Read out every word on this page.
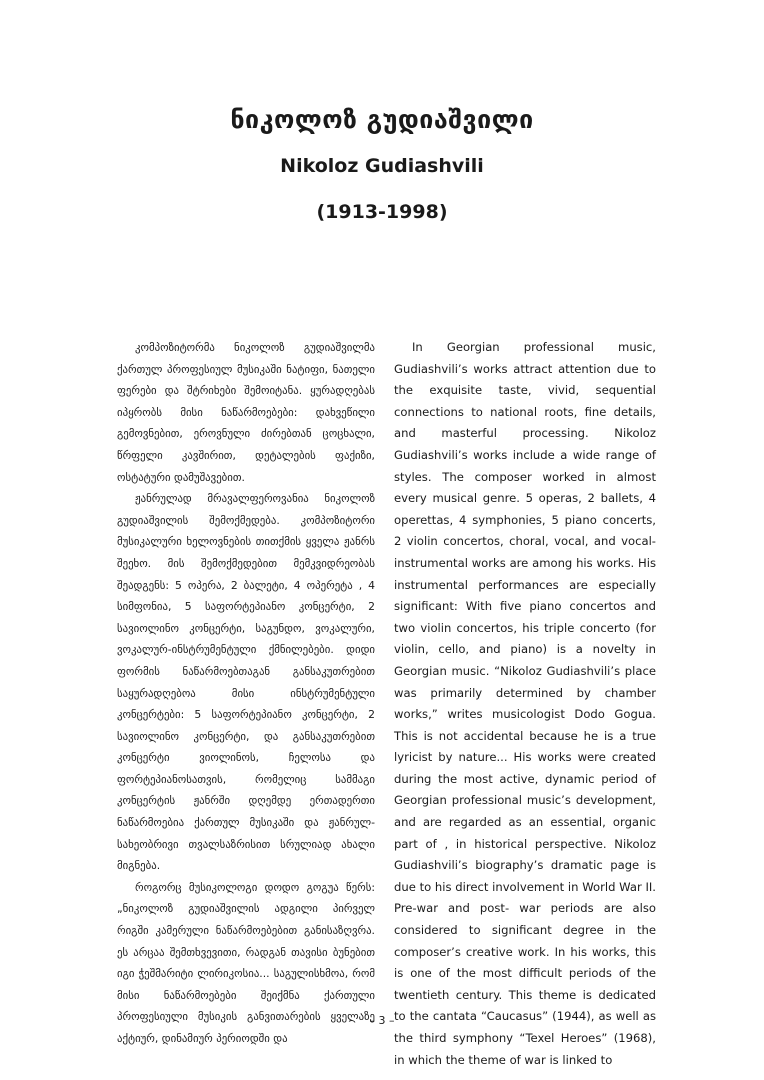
ნიკოლოზ გუდიაშვილი
Nikoloz Gudiashvili
(1913-1998)

კომპოზიტორმა ნიკოლოზ გუდიაშვილმა ქართულ პროფესიულ მუსიკაში ნატიფი, ნათელი ფერები და შტრიხები შემოიტანა. ყურადღებას იპყრობს მისი ნაწარმოებები: დახვეწილი გემოვნებით, ეროვნული ძირებთან ცოცხალი, წრფელი კავშირით, დეტალების ფაქიზი, ოსტატური დამუშავებით.

ჟანრულად მრავალფეროვანია ნიკოლოზ გუდიაშვილის შემოქმედება. კომპოზიტორი მუსიკალური ხელოვნების თითქმის ყველა ჟანრს შეეხო. მის შემოქმედებით მემკვიდრეობას შეადგენს: 5 ოპერა, 2 ბალეტი, 4 ოპერეტა , 4 სიმფონია, 5 საფორტეპიანო კონცერტი, 2 სავიოლინო კონცერტი, საგუნდო, ვოკალური, ვოკალურ-ინსტრუმენტული ქმნილებები. დიდი ფორმის ნაწარმოებთაგან განსაკუთრებით საყურადღებოა მისი ინსტრუმენტული კონცერტები: 5 საფორტეპიანო კონცერტი, 2 სავიოლინო კონცერტი, და განსაკუთრებით კონცერტი ვიოლინოს, ჩელოსა და ფორტეპიანოსათვის, რომელიც სამმაგი კონცერტის ჟანრში დღემდე ერთადერთი ნაწარმოებია ქართულ მუსიკაში და ჟანრულ-სახეობრივი თვალსაზრისით სრულიად ახალი მიგნება.

როგორც მუსიკოლოგი დოდო გოგუა წერს: „ნიკოლოზ გუდიაშვილის ადგილი პირველ რიგში კამერული ნაწარმოებებით განისაზღვრა. ეს არცაა შემთხვევითი, რადგან თავისი ბუნებით იგი ჭეშმარიტი ლირიკოსია... საგულისხმოა, რომ მისი ნაწარმოებები შეიქმნა ქართული პროფესიული მუსიკის განვითარების ყველაზე აქტიურ, დინამიურ პერიოდში და

In Georgian professional music, Gudiashvili’s works attract attention due to the exquisite taste, vivid, sequential connections to national roots, fine details, and masterful processing. Nikoloz Gudiashvili’s works include a wide range of styles. The composer worked in almost every musical genre. 5 operas, 2 ballets, 4 operettas, 4 symphonies, 5 piano concerts, 2 violin concertos, choral, vocal, and vocal-instrumental works are among his works. His instrumental performances are especially significant: With five piano concertos and two violin concertos, his triple concerto (for violin, cello, and piano) is a novelty in Georgian music. “Nikoloz Gudiashvili’s place was primarily determined by chamber works,” writes musicologist Dodo Gogua. This is not accidental because he is a true lyricist by nature... His works were created during the most active, dynamic period of Georgian professional music’s development, and are regarded as an essential, organic part of , in historical perspective. Nikoloz Gudiashvili’s biography’s dramatic page is due to his direct involvement in World War II. Pre-war and post- war periods are also considered to significant degree in the composer’s creative work. In his works, this is one of the most difficult periods of the twentieth century. This theme is dedicated to the cantata “Caucasus” (1944), as well as the third symphony “Texel Heroes” (1968), in which the theme of war is linked to

– 3 –
